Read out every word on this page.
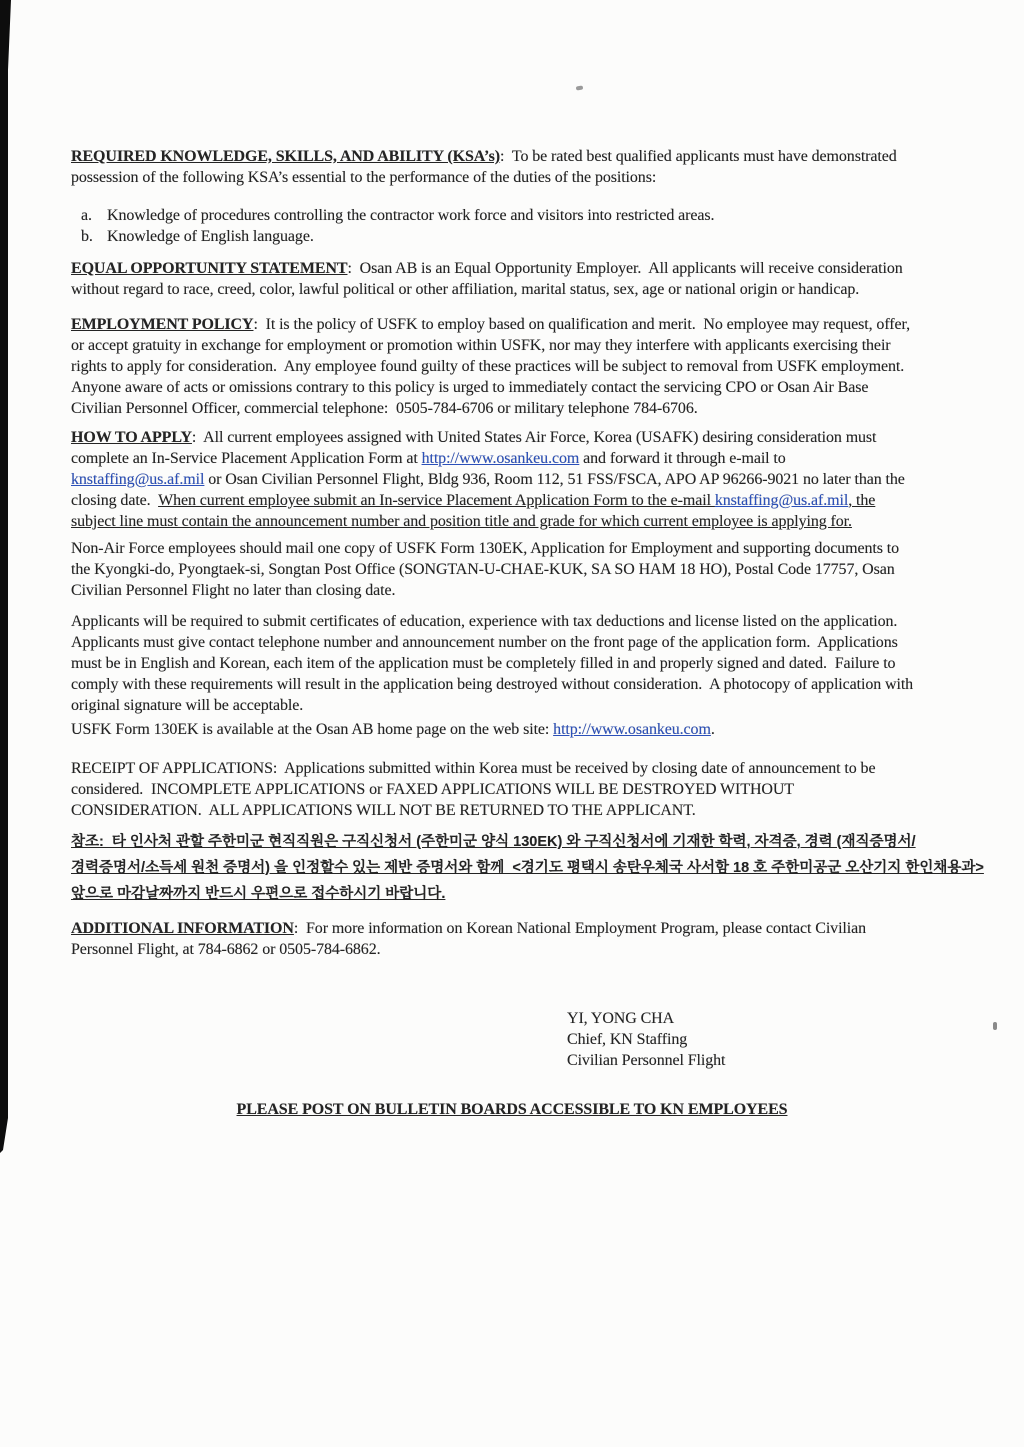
REQUIRED KNOWLEDGE, SKILLS, AND ABILITY (KSA’s):  To be rated best qualified applicants must have demonstrated
possession of the following KSA’s essential to the performance of the duties of the positions:
a. Knowledge of procedures controlling the contractor work force and visitors into restricted areas.
b. Knowledge of English language.
EQUAL OPPORTUNITY STATEMENT:  Osan AB is an Equal Opportunity Employer.  All applicants will receive consideration
without regard to race, creed, color, lawful political or other affiliation, marital status, sex, age or national origin or handicap.
EMPLOYMENT POLICY:  It is the policy of USFK to employ based on qualification and merit.  No employee may request, offer,
or accept gratuity in exchange for employment or promotion within USFK, nor may they interfere with applicants exercising their
rights to apply for consideration.  Any employee found guilty of these practices will be subject to removal from USFK employment.
Anyone aware of acts or omissions contrary to this policy is urged to immediately contact the servicing CPO or Osan Air Base
Civilian Personnel Officer, commercial telephone:  0505-784-6706 or military telephone 784-6706.
HOW TO APPLY:  All current employees assigned with United States Air Force, Korea (USAFK) desiring consideration must
complete an In-Service Placement Application Form at http://www.osankeu.com and forward it through e-mail to
knstaffing@us.af.mil or Osan Civilian Personnel Flight, Bldg 936, Room 112, 51 FSS/FSCA, APO AP 96266-9021 no later than the
closing date.  When current employee submit an In-service Placement Application Form to the e-mail knstaffing@us.af.mil, the
subject line must contain the announcement number and position title and grade for which current employee is applying for.
Non-Air Force employees should mail one copy of USFK Form 130EK, Application for Employment and supporting documents to
the Kyongki-do, Pyongtaek-si, Songtan Post Office (SONGTAN-U-CHAE-KUK, SA SO HAM 18 HO), Postal Code 17757, Osan
Civilian Personnel Flight no later than closing date.
Applicants will be required to submit certificates of education, experience with tax deductions and license listed on the application.
Applicants must give contact telephone number and announcement number on the front page of the application form.  Applications
must be in English and Korean, each item of the application must be completely filled in and properly signed and dated.  Failure to
comply with these requirements will result in the application being destroyed without consideration.  A photocopy of application with
original signature will be acceptable.
USFK Form 130EK is available at the Osan AB home page on the web site: http://www.osankeu.com.
RECEIPT OF APPLICATIONS:  Applications submitted within Korea must be received by closing date of announcement to be
considered.  INCOMPLETE APPLICATIONS or FAXED APPLICATIONS WILL BE DESTROYED WITHOUT
CONSIDERATION.  ALL APPLICATIONS WILL NOT BE RETURNED TO THE APPLICANT.
참조:  타 인사처 관할 주한미군 현직직원은 구직신청서 (주한미군 양식 130EK) 와 구직신청서에 기재한 학력, 자격증, 경력 (재직증명서/
경력증명서/소득세 원천 증명서) 을 인정할수 있는 제반 증명서와 함께  <경기도 평택시 송탄우체국 사서함 18 호 주한미공군 오산기지 한인채용과>
앞으로 마감날짜까지 반드시 우편으로 접수하시기 바랍니다.
ADDITIONAL INFORMATION:  For more information on Korean National Employment Program, please contact Civilian
Personnel Flight, at 784-6862 or 0505-784-6862.
YI, YONG CHA
Chief, KN Staffing
Civilian Personnel Flight
PLEASE POST ON BULLETIN BOARDS ACCESSIBLE TO KN EMPLOYEES
